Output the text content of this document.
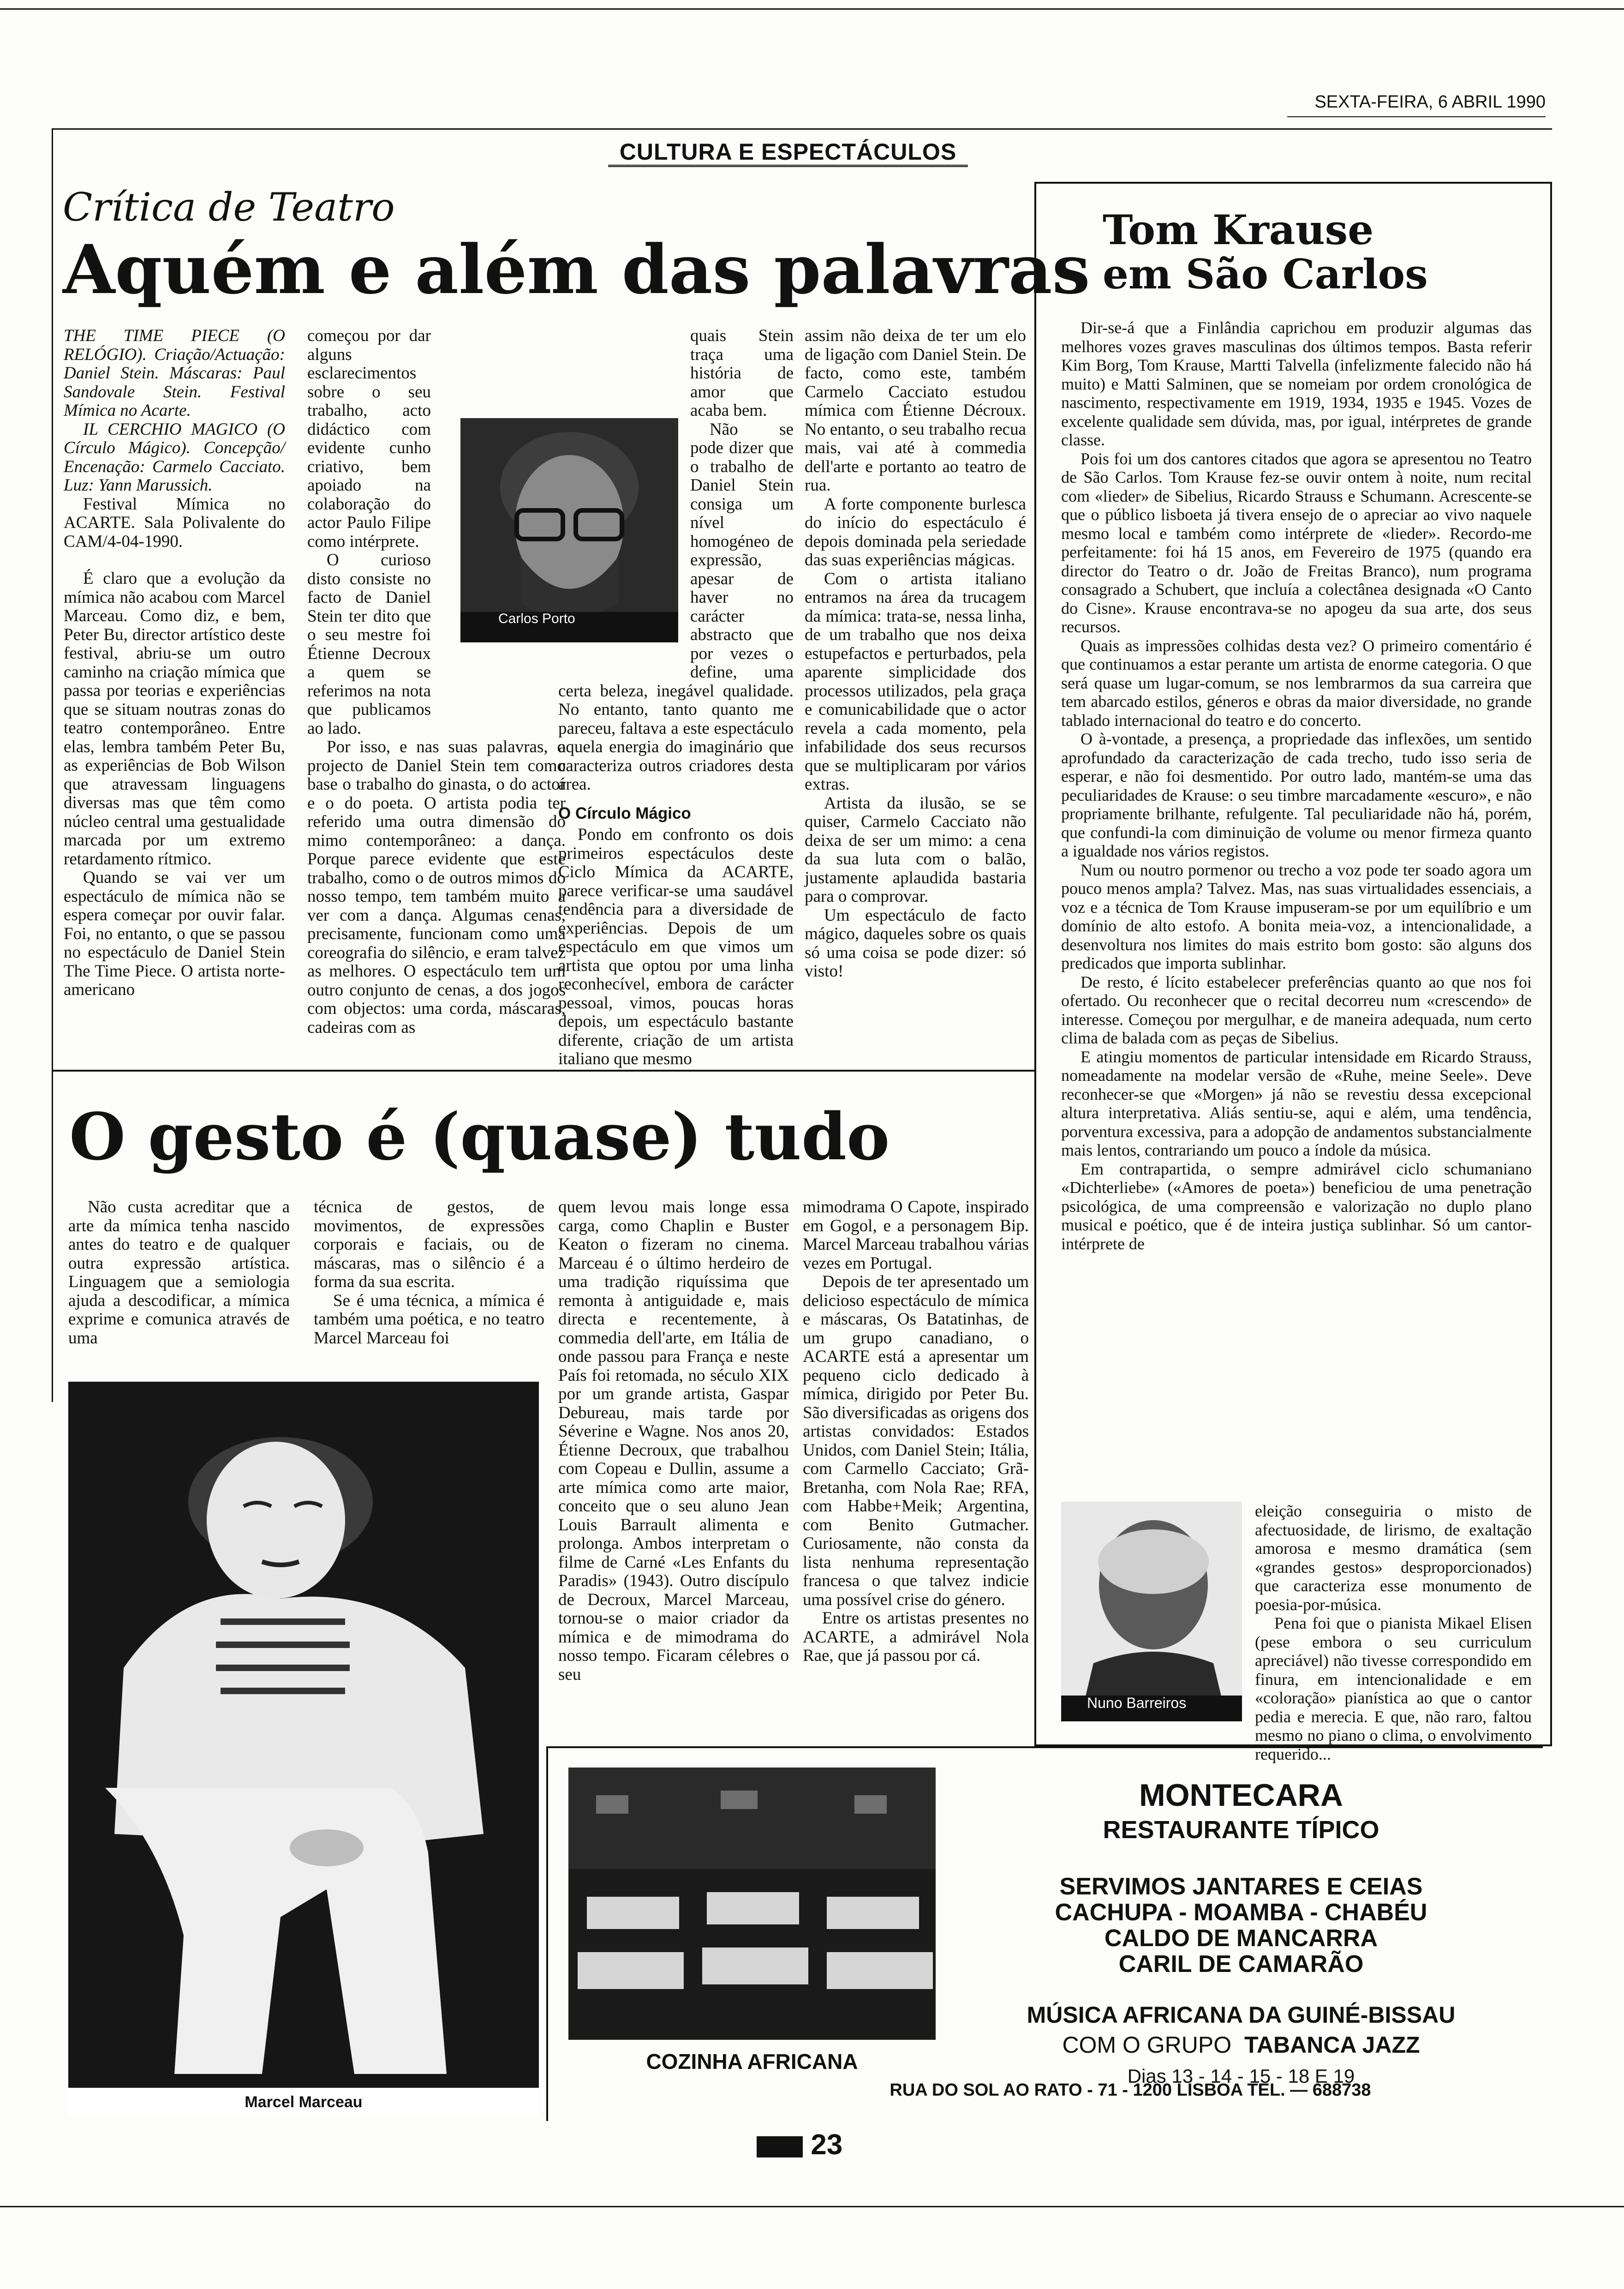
SEXTA-FEIRA, 6 ABRIL 1990
CULTURA E ESPECTÁCULOS
Crítica de Teatro
Aquém e além das palavras

THE TIME PIECE (O RELÓGIO). Criação/Actuação: Daniel Stein. Máscaras: Paul Sandovale Stein. Festival Mímica no Acarte.

IL CERCHIO MAGICO (O Círculo Mágico). Concepção/ Encenação: Carmelo Cacciato. Luz: Yann Marussich.

Festival Mímica no ACARTE. Sala Polivalente do CAM/4-04-1990.

É claro que a evolução da mímica não acabou com Marcel Marceau. Como diz, e bem, Peter Bu, director artístico deste festival, abriu-se um outro caminho na criação mímica que passa por teorias e experiências que se situam noutras zonas do teatro contemporâneo. Entre elas, lembra também Peter Bu, as experiências de Bob Wilson que atravessam linguagens diversas mas que têm como núcleo central uma gestualidade marcada por um extremo retardamento rítmico.

Quando se vai ver um espectáculo de mímica não se espera começar por ouvir falar. Foi, no entanto, o que se passou no espectáculo de Daniel Stein The Time Piece. O artista norte-americano

começou por dar alguns esclarecimentos sobre o seu trabalho, acto didáctico com evidente cunho criativo, bem apoiado na colaboração do actor Paulo Filipe como intérprete.

O curioso disto consiste no facto de Daniel Stein ter dito que o seu mestre foi Étienne Decroux a quem se referimos na nota que publicamos ao lado.

Por isso, e nas suas palavras, o projecto de Daniel Stein tem como base o trabalho do ginasta, o do actor e o do poeta. O artista podia ter referido uma outra dimensão do mimo contemporâneo: a dança. Porque parece evidente que este trabalho, como o de outros mimos do nosso tempo, tem também muito a ver com a dança. Algumas cenas, precisamente, funcionam como uma coreografia do silêncio, e eram talvez as melhores. O espectáculo tem um outro conjunto de cenas, a dos jogos com objectos: uma corda, máscaras, cadeiras com as

quais Stein traça uma história de amor que acaba bem.

Não se pode dizer que o trabalho de Daniel Stein consiga um nível homogéneo de expressão, apesar de haver no carácter abstracto que por vezes o define, uma certa beleza, inegável qualidade. No entanto, tanto quanto me pareceu, faltava a este espectáculo aquela energia do imaginário que caracteriza outros criadores desta área.

O Círculo Mágico

Pondo em confronto os dois primeiros espectáculos deste Ciclo Mímica da ACARTE, parece verificar-se uma saudável tendência para a diversidade de experiências. Depois de um espectáculo em que vimos um artista que optou por uma linha reconhecível, embora de carácter pessoal, vimos, poucas horas depois, um espectáculo bastante diferente, criação de um artista italiano que mesmo

Carlos Porto

assim não deixa de ter um elo de ligação com Daniel Stein. De facto, como este, também Carmelo Cacciato estudou mímica com Étienne Décroux. No entanto, o seu trabalho recua mais, vai até à commedia dell'arte e portanto ao teatro de rua.

A forte componente burlesca do início do espectáculo é depois dominada pela seriedade das suas experiências mágicas.

Com o artista italiano entramos na área da trucagem da mímica: trata-se, nessa linha, de um trabalho que nos deixa estupefactos e perturbados, pela aparente simplicidade dos processos utilizados, pela graça e comunicabilidade que o actor revela a cada momento, pela infabilidade dos seus recursos que se multiplicaram por vários extras.

Artista da ilusão, se se quiser, Carmelo Cacciato não deixa de ser um mimo: a cena da sua luta com o balão, justamente aplaudida bastaria para o comprovar.

Um espectáculo de facto mágico, daqueles sobre os quais só uma coisa se pode dizer: só visto!

Tom Krause
em São Carlos

Dir-se-á que a Finlândia caprichou em produzir algumas das melhores vozes graves masculinas dos últimos tempos. Basta referir Kim Borg, Tom Krause, Martti Talvella (infelizmente falecido não há muito) e Matti Salminen, que se nomeiam por ordem cronológica de nascimento, respectivamente em 1919, 1934, 1935 e 1945. Vozes de excelente qualidade sem dúvida, mas, por igual, intérpretes de grande classe.

Pois foi um dos cantores citados que agora se apresentou no Teatro de São Carlos. Tom Krause fez-se ouvir ontem à noite, num recital com «lieder» de Sibelius, Ricardo Strauss e Schumann. Acrescente-se que o público lisboeta já tivera ensejo de o apreciar ao vivo naquele mesmo local e também como intérprete de «lieder». Recordo-me perfeitamente: foi há 15 anos, em Fevereiro de 1975 (quando era director do Teatro o dr. João de Freitas Branco), num programa consagrado a Schubert, que incluía a colectânea designada «O Canto do Cisne». Krause encontrava-se no apogeu da sua arte, dos seus recursos.

Quais as impressões colhidas desta vez? O primeiro comentário é que continuamos a estar perante um artista de enorme categoria. O que será quase um lugar-comum, se nos lembrarmos da sua carreira que tem abarcado estilos, géneros e obras da maior diversidade, no grande tablado internacional do teatro e do concerto.

O à-vontade, a presença, a propriedade das inflexões, um sentido aprofundado da caracterização de cada trecho, tudo isso seria de esperar, e não foi desmentido. Por outro lado, mantém-se uma das peculiaridades de Krause: o seu timbre marcadamente «escuro», e não propriamente brilhante, refulgente. Tal peculiaridade não há, porém, que confundi-la com diminuição de volume ou menor firmeza quanto a igualdade nos vários registos.

Num ou noutro pormenor ou trecho a voz pode ter soado agora um pouco menos ampla? Talvez. Mas, nas suas virtualidades essenciais, a voz e a técnica de Tom Krause impuseram-se por um equilíbrio e um domínio de alto estofo. A bonita meia-voz, a intencionalidade, a desenvoltura nos limites do mais estrito bom gosto: são alguns dos predicados que importa sublinhar.

De resto, é lícito estabelecer preferências quanto ao que nos foi ofertado. Ou reconhecer que o recital decorreu num «crescendo» de interesse. Começou por mergulhar, e de maneira adequada, num certo clima de balada com as peças de Sibelius.

E atingiu momentos de particular intensidade em Ricardo Strauss, nomeadamente na modelar versão de «Ruhe, meine Seele». Deve reconhecer-se que «Morgen» já não se revestiu dessa excepcional altura interpretativa. Aliás sentiu-se, aqui e além, uma tendência, porventura excessiva, para a adopção de andamentos substancialmente mais lentos, contrariando um pouco a índole da música.

Em contrapartida, o sempre admirável ciclo schumaniano «Dichterliebe» («Amores de poeta») beneficiou de uma penetração psicológica, de uma compreensão e valorização no duplo plano musical e poético, que é de inteira justiça sublinhar. Só um cantor-intérprete de

Nuno Barreiros

eleição conseguiria o misto de afectuosidade, de lirismo, de exaltação amorosa e mesmo dramática (sem «grandes gestos» desproporcionados) que caracteriza esse monumento de poesia-por-música.

Pena foi que o pianista Mikael Elisen (pese embora o seu curriculum apreciável) não tivesse correspondido em finura, em intencionalidade e em «coloração» pianística ao que o cantor pedia e merecia. E que, não raro, faltou mesmo no piano o clima, o envolvimento requerido...

O gesto é (quase) tudo

Não custa acreditar que a arte da mímica tenha nascido antes do teatro e de qualquer outra expressão artística. Linguagem que a semiologia ajuda a descodificar, a mímica exprime e comunica através de uma

técnica de gestos, de movimentos, de expressões corporais e faciais, ou de máscaras, mas o silêncio é a forma da sua escrita.

Se é uma técnica, a mímica é também uma poética, e no teatro Marcel Marceau foi

quem levou mais longe essa carga, como Chaplin e Buster Keaton o fizeram no cinema. Marceau é o último herdeiro de uma tradição riquíssima que remonta à antiguidade e, mais directa e recentemente, à commedia dell'arte, em Itália de onde passou para França e neste País foi retomada, no século XIX por um grande artista, Gaspar Debureau, mais tarde por Séverine e Wagne. Nos anos 20, Étienne Decroux, que trabalhou com Copeau e Dullin, assume a arte mímica como arte maior, conceito que o seu aluno Jean Louis Barrault alimenta e prolonga. Ambos interpretam o filme de Carné «Les Enfants du Paradis» (1943). Outro discípulo de Decroux, Marcel Marceau, tornou-se o maior criador da mímica e de mimodrama do nosso tempo. Ficaram célebres o seu

mimodrama O Capote, inspirado em Gogol, e a personagem Bip. Marcel Marceau trabalhou várias vezes em Portugal.

Depois de ter apresentado um delicioso espectáculo de mímica e máscaras, Os Batatinhas, de um grupo canadiano, o ACARTE está a apresentar um pequeno ciclo dedicado à mímica, dirigido por Peter Bu. São diversificadas as origens dos artistas convidados: Estados Unidos, com Daniel Stein; Itália, com Carmello Cacciato; Grã-Bretanha, com Nola Rae; RFA, com Habbe+Meik; Argentina, com Benito Gutmacher. Curiosamente, não consta da lista nenhuma representação francesa o que talvez indicie uma possível crise do género.

Entre os artistas presentes no ACARTE, a admirável Nola Rae, que já passou por cá.

Marcel Marceau
COZINHA AFRICANA
MONTECARA
RESTAURANTE TÍPICO
SERVIMOS JANTARES E CEIAS
CACHUPA - MOAMBA - CHABÉU
CALDO DE MANCARRA
CARIL DE CAMARÃO
MÚSICA AFRICANA DA GUINÉ-BISSAU
COM O GRUPO TABANCA JAZZ
Dias 13 - 14 - 15 - 18 E 19
RUA DO SOL AO RATO - 71 - 1200 LISBOA TEL. — 688738
23
